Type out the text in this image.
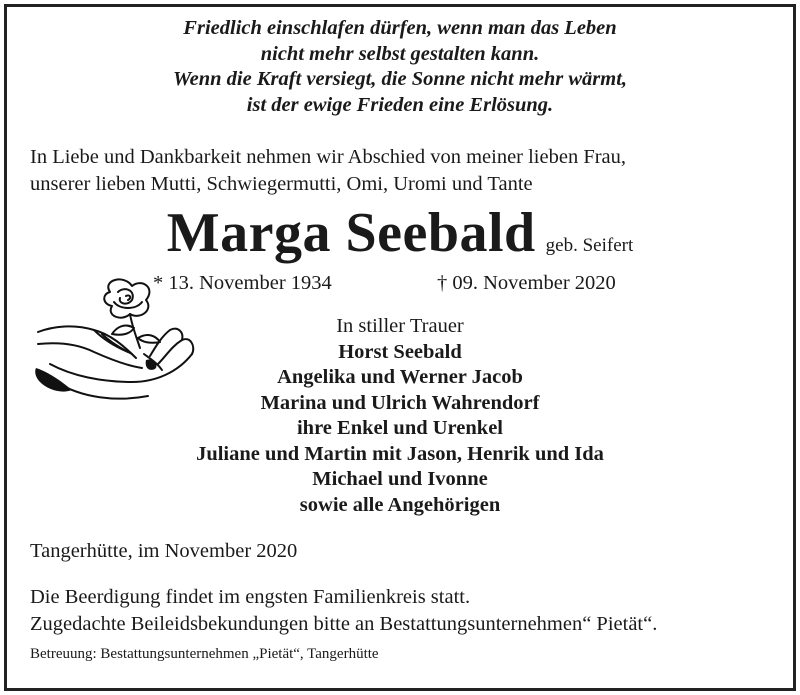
Friedlich einschlafen dürfen, wenn man das Leben
nicht mehr selbst gestalten kann.
Wenn die Kraft versiegt, die Sonne nicht mehr wärmt,
ist der ewige Frieden eine Erlösung.
In Liebe und Dankbarkeit nehmen wir Abschied von meiner lieben Frau,
unserer lieben Mutti, Schwiegermutti, Omi, Uromi und Tante
Marga Seebald geb. Seifert
* 13. November 1934	† 09. November 2020
In stiller Trauer
Horst Seebald
Angelika und Werner Jacob
Marina und Ulrich Wahrendorf
ihre Enkel und Urenkel
Juliane und Martin mit Jason, Henrik und Ida
Michael und Ivonne
sowie alle Angehörigen
Tangerhütte, im November 2020
Die Beerdigung findet im engsten Familienkreis statt.
Zugedachte Beileidsbekundungen bitte an Bestattungsunternehmen“ Pietät“.
Betreuung: Bestattungsunternehmen „Pietät“, Tangerhütte
